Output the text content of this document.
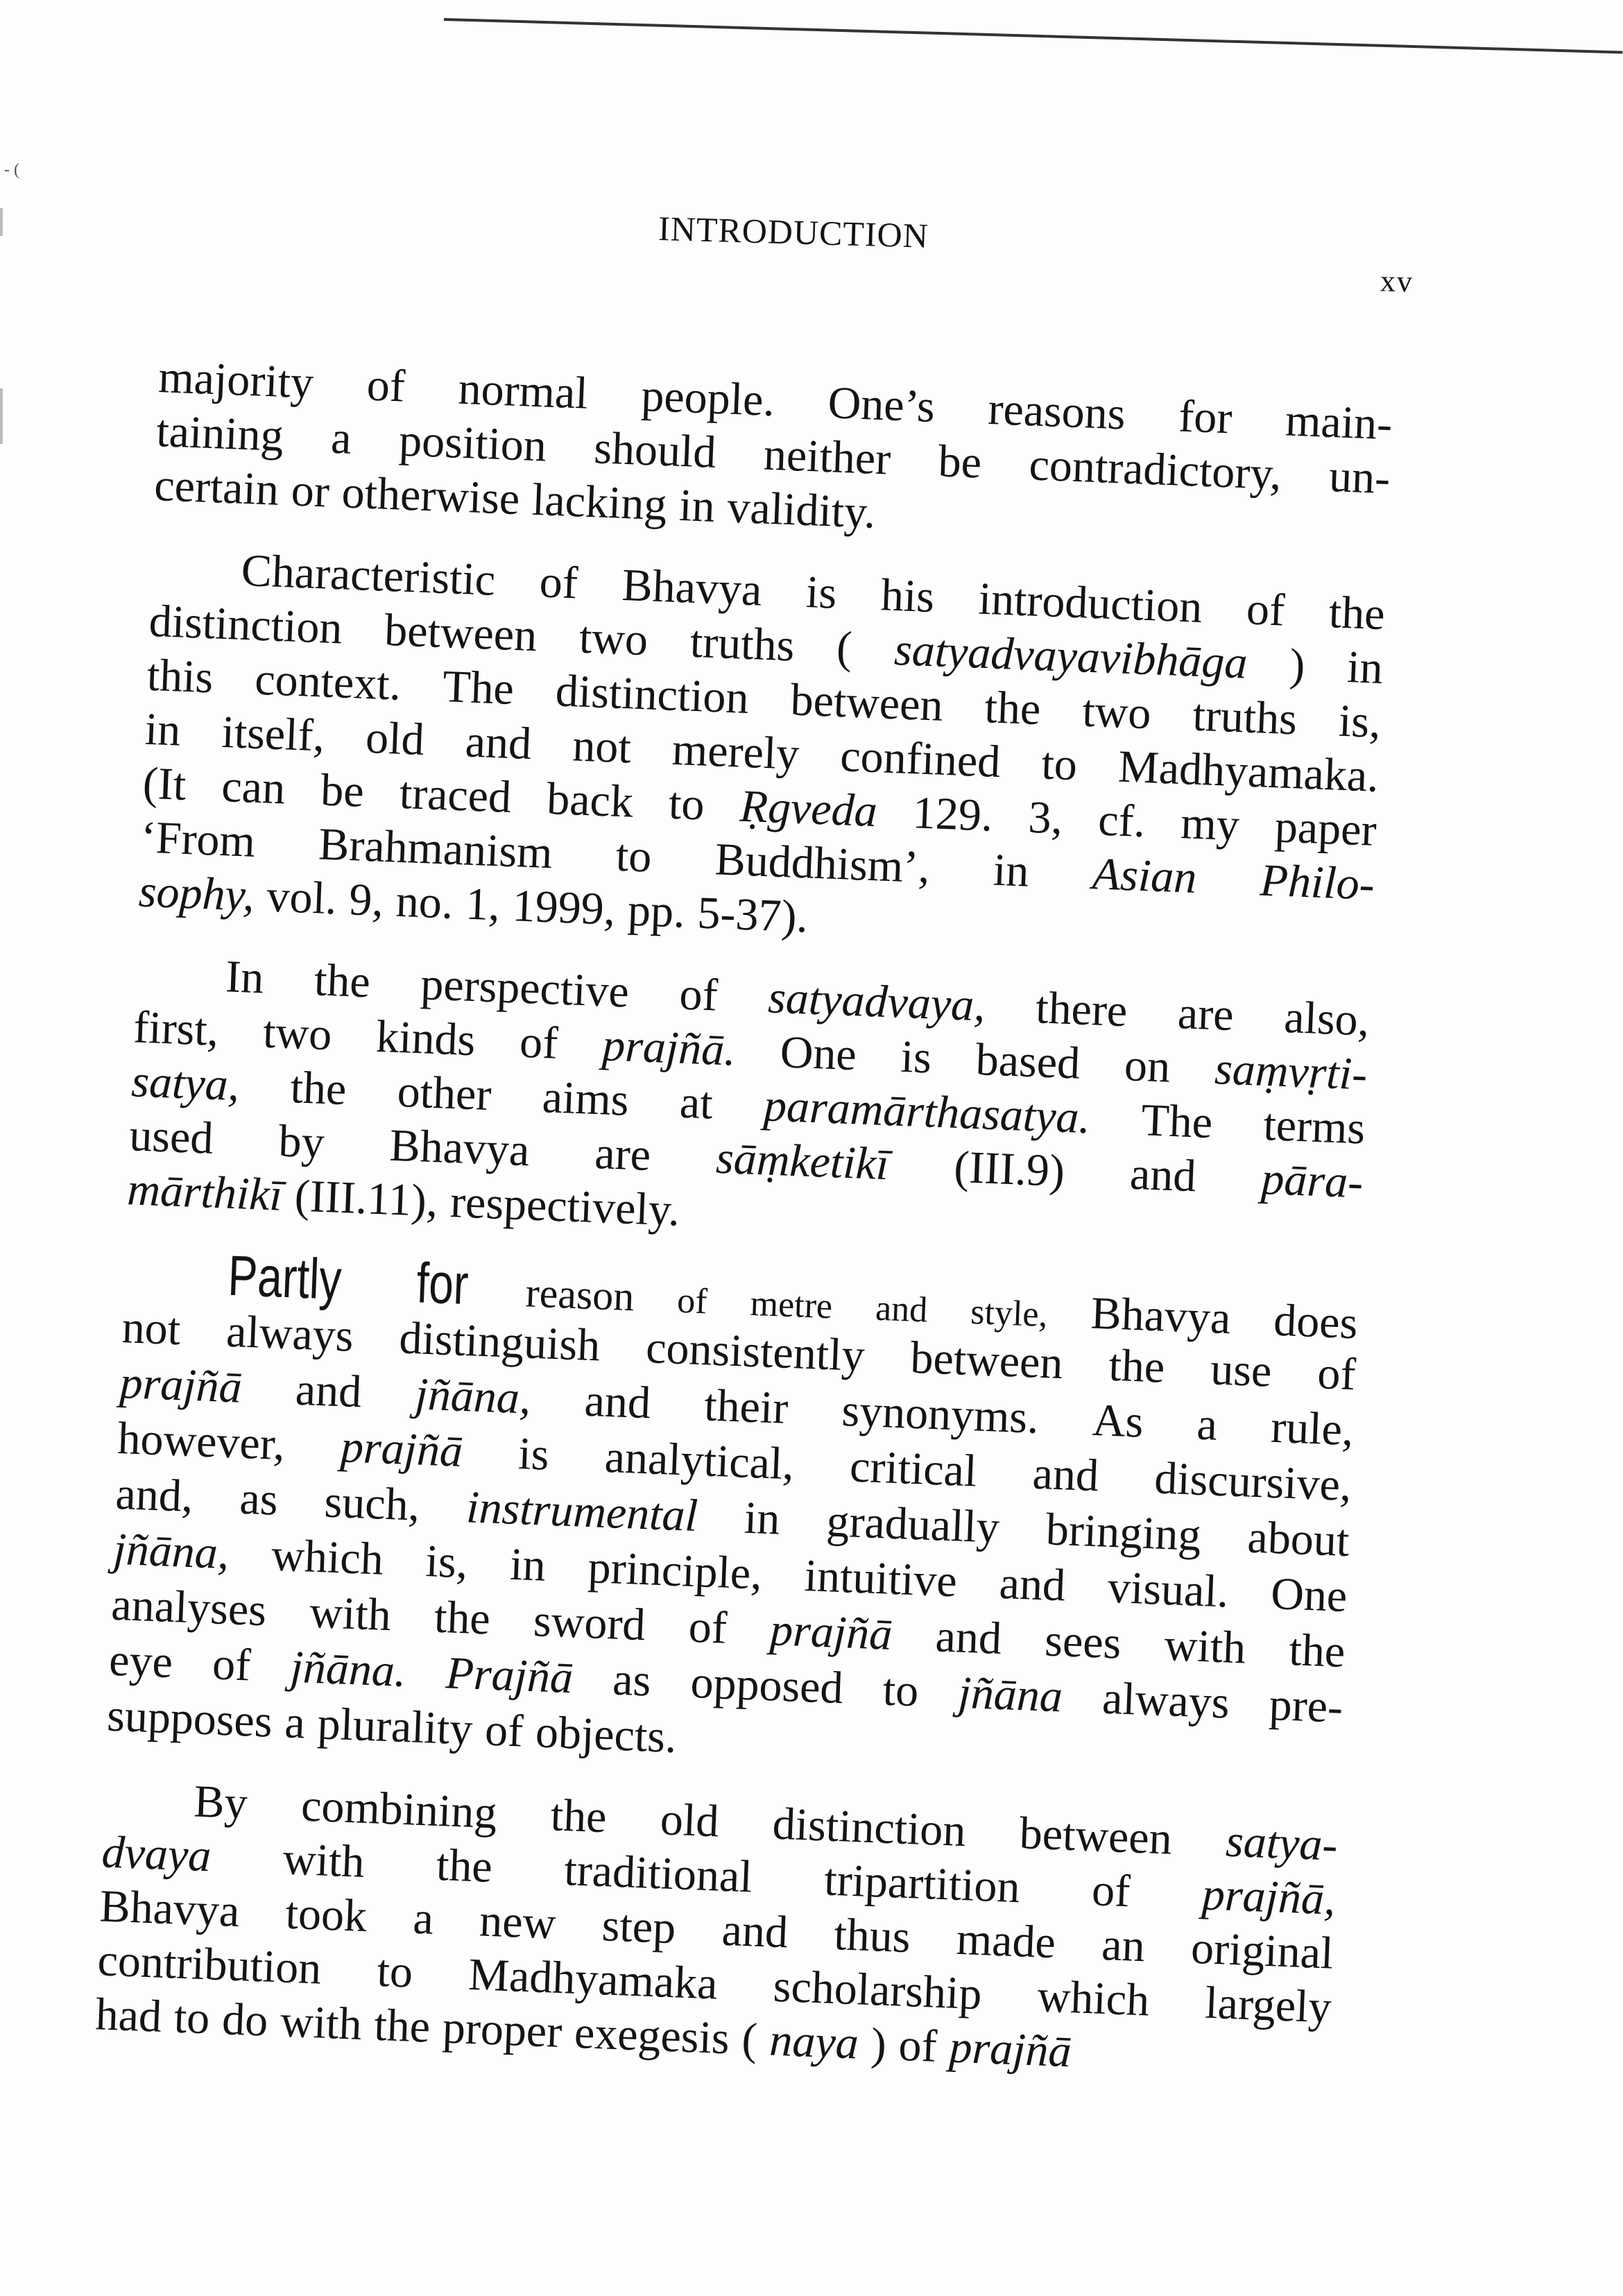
- (
INTRODUCTION
xv
majority of normal people. One’s reasons for main-
taining a position should neither be contradictory, un-
certain or otherwise lacking in validity.
Characteristic of Bhavya is his introduction of the
distinction between two truths ( satyadvayavibhāga ) in
this context. The distinction between the two truths is,
in itself, old and not merely confined to Madhyamaka.
(It can be traced back to Ṛgveda 129. 3, cf. my paper
‘From Brahmanism to Buddhism’, in Asian Philo-
sophy, vol. 9, no. 1, 1999, pp. 5-37).
In the perspective of satyadvaya, there are also,
first, two kinds of prajñā. One is based on saṃvṛti-
satya, the other aims at paramārthasatya. The terms
used by Bhavya are sāṃketikī (III.9) and pāra-
mārthikī (III.11), respectively.
Partly for reason of metre and style, Bhavya does
not always distinguish consistently between the use of
prajñā and jñāna, and their synonyms. As a rule,
however, prajñā is analytical, critical and discursive,
and, as such, instrumental in gradually bringing about
jñāna, which is, in principle, intuitive and visual. One
analyses with the sword of prajñā and sees with the
eye of jñāna. Prajñā as opposed to jñāna always pre-
supposes a plurality of objects.
By combining the old distinction between satya-
dvaya with the traditional tripartition of prajñā,
Bhavya took a new step and thus made an original
contribution to Madhyamaka scholarship which largely
had to do with the proper exegesis ( naya ) of prajñā
